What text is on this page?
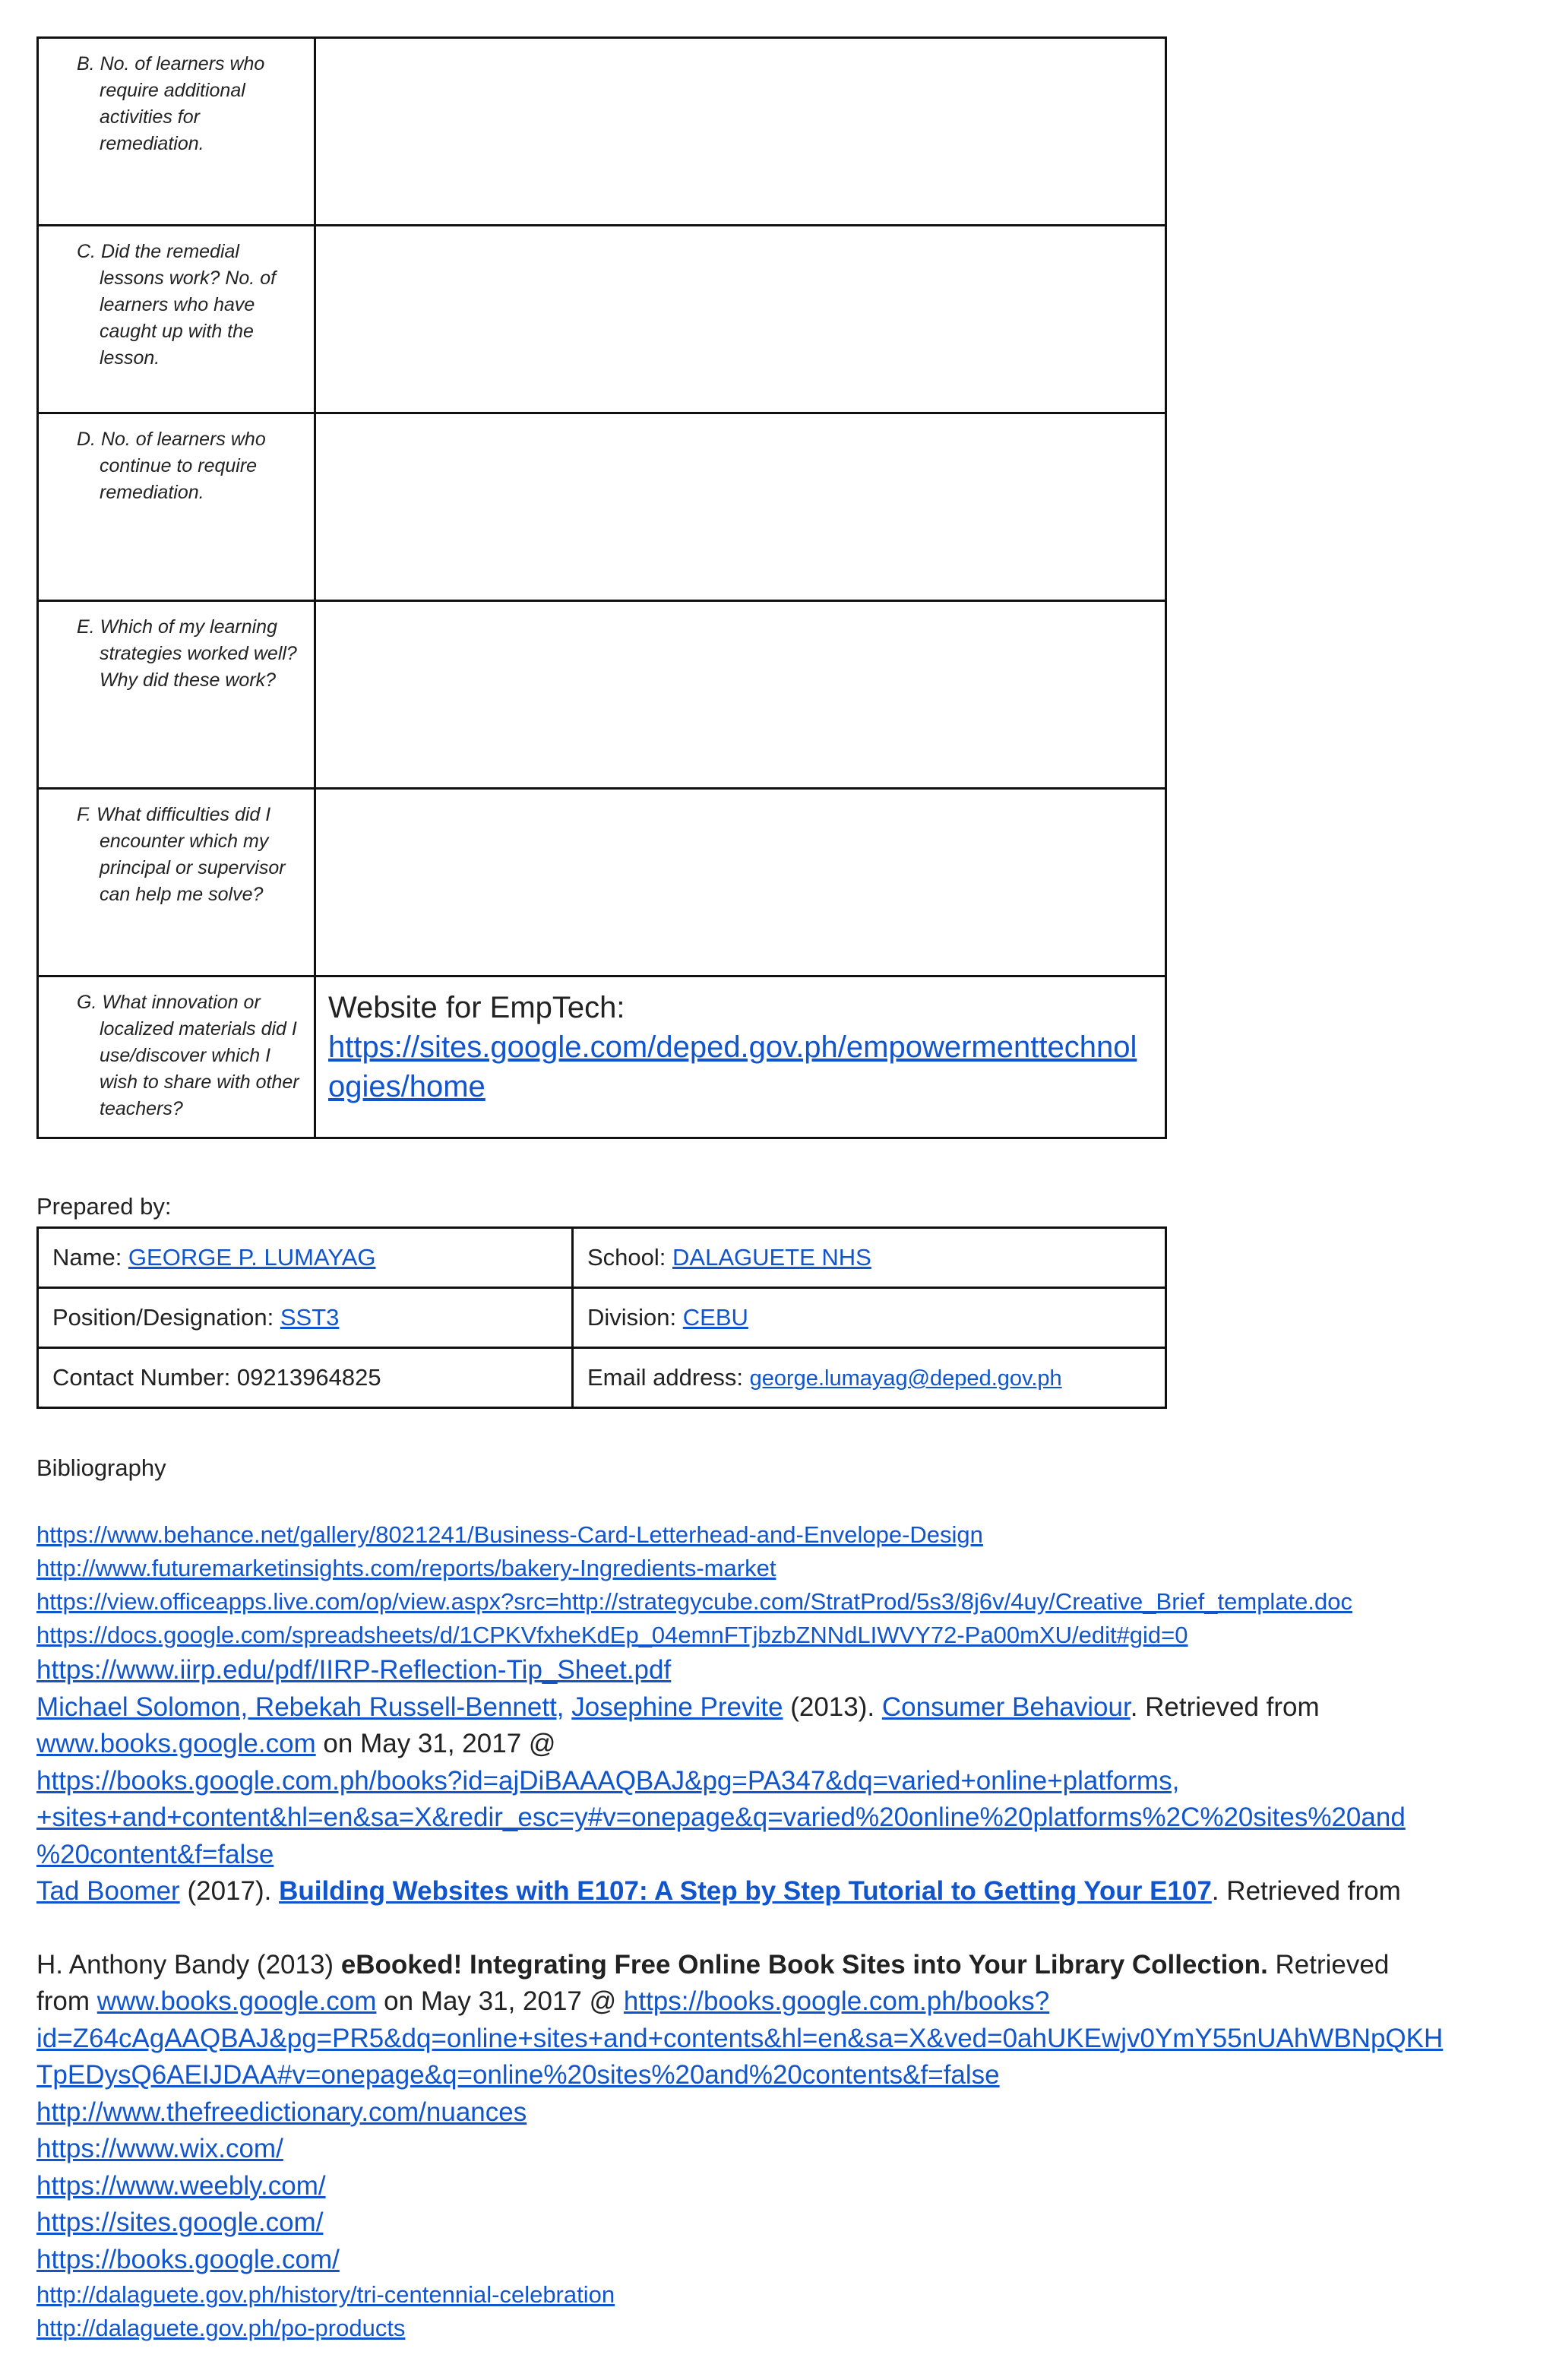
B. No. of learners who require additional activities for remediation.	

C. Did the remedial lessons work? No. of learners who have caught up with the lesson.	

D. No. of learners who continue to require remediation.	

E. Which of my learning strategies worked well? Why did these work?	

F. What difficulties did I encounter which my principal or supervisor can help me solve?	

G. What innovation or localized materials did I use/discover which I wish to share with other teachers?	Website for EmpTech:
https://sites.google.com/deped.gov.ph/empowermenttechnologies/home
Prepared by:
Name: GEORGE P. LUMAYAG	School: DALAGUETE NHS
Position/Designation: SST3	Division: CEBU
Contact Number: 09213964825	Email address: george.lumayag@deped.gov.ph
Bibliography
https://www.behance.net/gallery/8021241/Business-Card-Letterhead-and-Envelope-Design
http://www.futuremarketinsights.com/reports/bakery-Ingredients-market
https://view.officeapps.live.com/op/view.aspx?src=http://strategycube.com/StratProd/5s3/8j6v/4uy/Creative_Brief_template.doc
https://docs.google.com/spreadsheets/d/1CPKVfxheKdEp_04emnFTjbzbZNNdLIWVY72-Pa00mXU/edit#gid=0
https://www.iirp.edu/pdf/IIRP-Reflection-Tip_Sheet.pdf
Michael Solomon, Rebekah Russell-Bennett, Josephine Previte (2013). Consumer Behaviour. Retrieved from
www.books.google.com on May 31, 2017 @
https://books.google.com.ph/books?id=ajDiBAAAQBAJ&pg=PA347&dq=varied+online+platforms,
+sites+and+content&hl=en&sa=X&redir_esc=y#v=onepage&q=varied%20online%20platforms%2C%20sites%20and
%20content&f=false
Tad Boomer (2017). Building Websites with E107: A Step by Step Tutorial to Getting Your E107. Retrieved from
H. Anthony Bandy (2013) eBooked! Integrating Free Online Book Sites into Your Library Collection. Retrieved
from www.books.google.com on May 31, 2017 @ https://books.google.com.ph/books?
id=Z64cAgAAQBAJ&pg=PR5&dq=online+sites+and+contents&hl=en&sa=X&ved=0ahUKEwjv0YmY55nUAhWBNpQKH
TpEDysQ6AEIJDAA#v=onepage&q=online%20sites%20and%20contents&f=false
http://www.thefreedictionary.com/nuances
https://www.wix.com/
https://www.weebly.com/
https://sites.google.com/
https://books.google.com/
http://dalaguete.gov.ph/history/tri-centennial-celebration
http://dalaguete.gov.ph/po-products
